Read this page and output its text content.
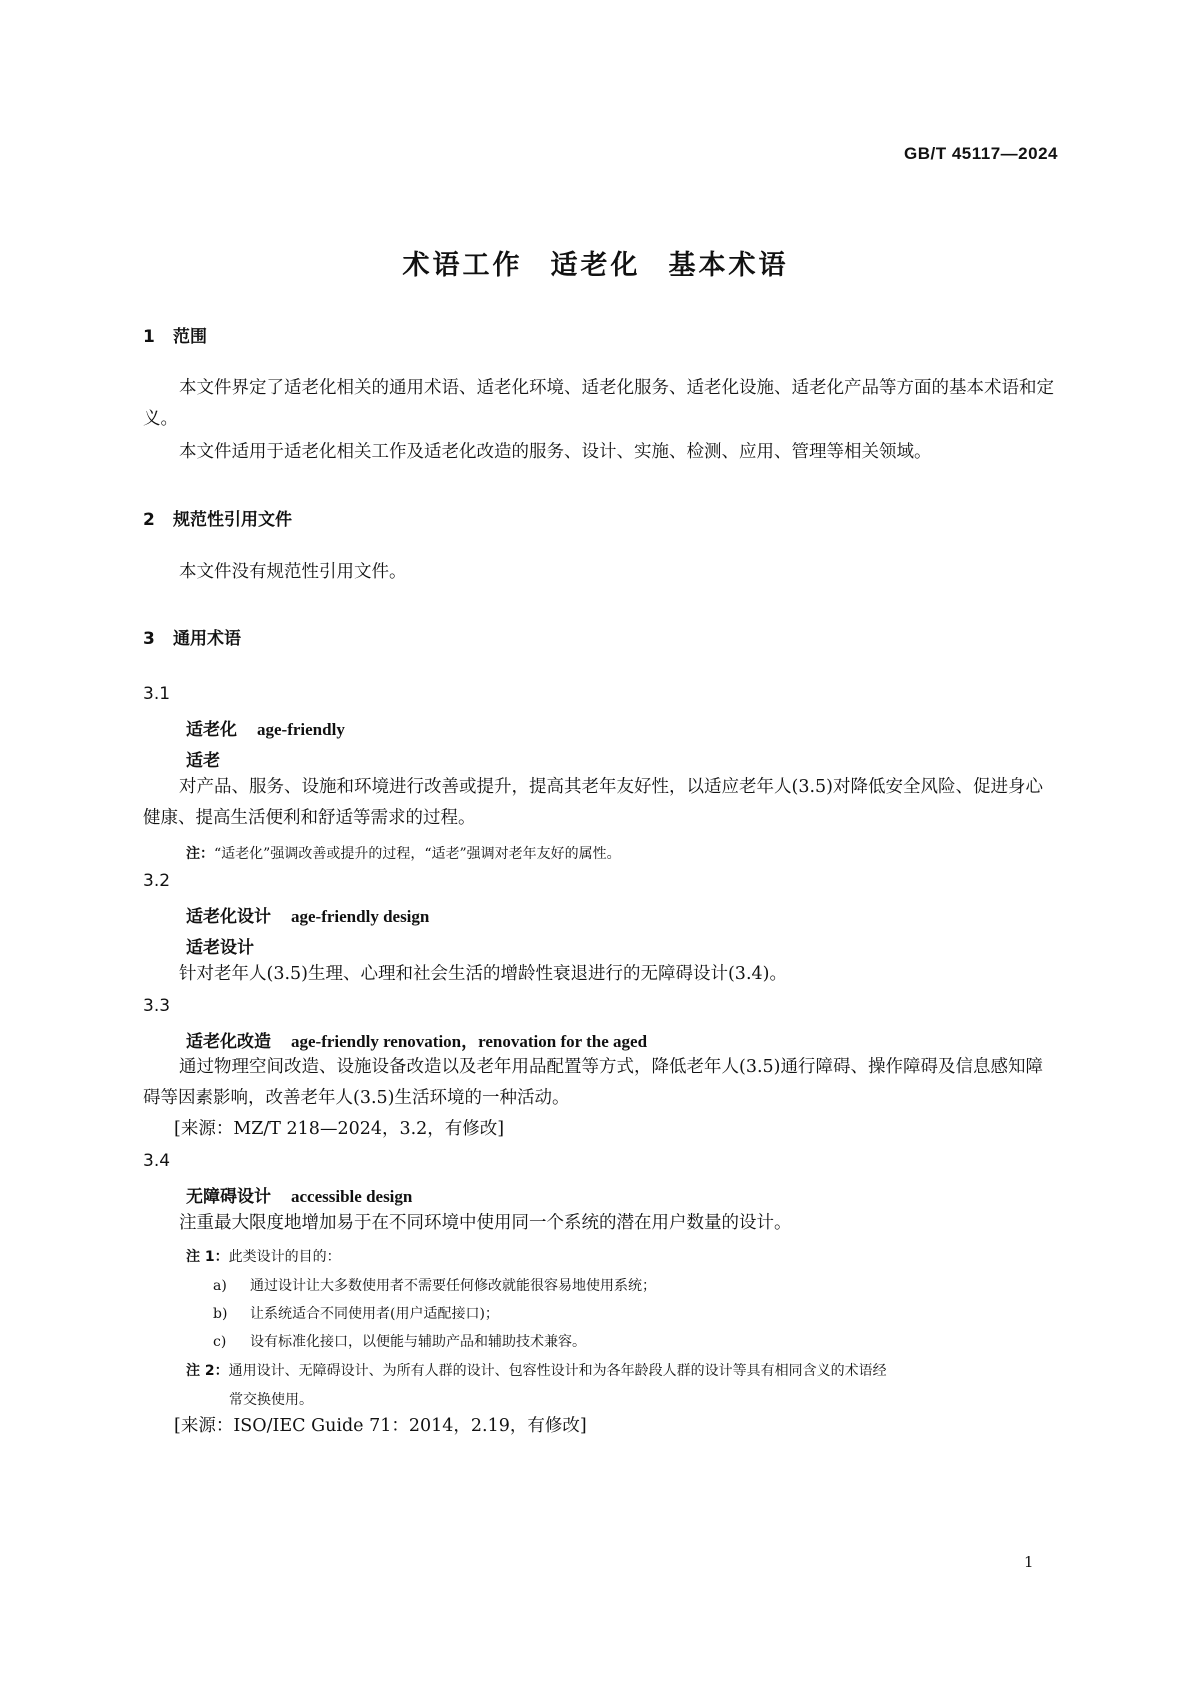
GB/T 45117—2024
术语工作 适老化 基本术语
1 范围
本文件界定了适老化相关的通用术语、适老化环境、适老化服务、适老化设施、适老化产品等方面的基本术语和定义。
本文件适用于适老化相关工作及适老化改造的服务、设计、实施、检测、应用、管理等相关领域。
2 规范性引用文件
本文件没有规范性引用文件。
3 通用术语
3.1
适老化 age-friendly
适老
对产品、服务、设施和环境进行改善或提升，提高其老年友好性，以适应老年人(3.5)对降低安全风险、促进身心健康、提高生活便利和舒适等需求的过程。
注：“适老化”强调改善或提升的过程，“适老”强调对老年友好的属性。
3.2
适老化设计 age-friendly design
适老设计
针对老年人(3.5)生理、心理和社会生活的增龄性衰退进行的无障碍设计(3.4)。
3.3
适老化改造 age-friendly renovation，renovation for the aged
通过物理空间改造、设施设备改造以及老年用品配置等方式，降低老年人(3.5)通行障碍、操作障碍及信息感知障碍等因素影响，改善老年人(3.5)生活环境的一种活动。
[来源：MZ/T 218—2024，3.2，有修改]
3.4
无障碍设计 accessible design
注重最大限度地增加易于在不同环境中使用同一个系统的潜在用户数量的设计。
注 1：此类设计的目的：
a) 通过设计让大多数使用者不需要任何修改就能很容易地使用系统；
b) 让系统适合不同使用者(用户适配接口)；
c) 设有标准化接口，以便能与辅助产品和辅助技术兼容。
注 2：通用设计、无障碍设计、为所有人群的设计、包容性设计和为各年龄段人群的设计等具有相同含义的术语经
常交换使用。
[来源：ISO/IEC Guide 71：2014，2.19，有修改]
1
